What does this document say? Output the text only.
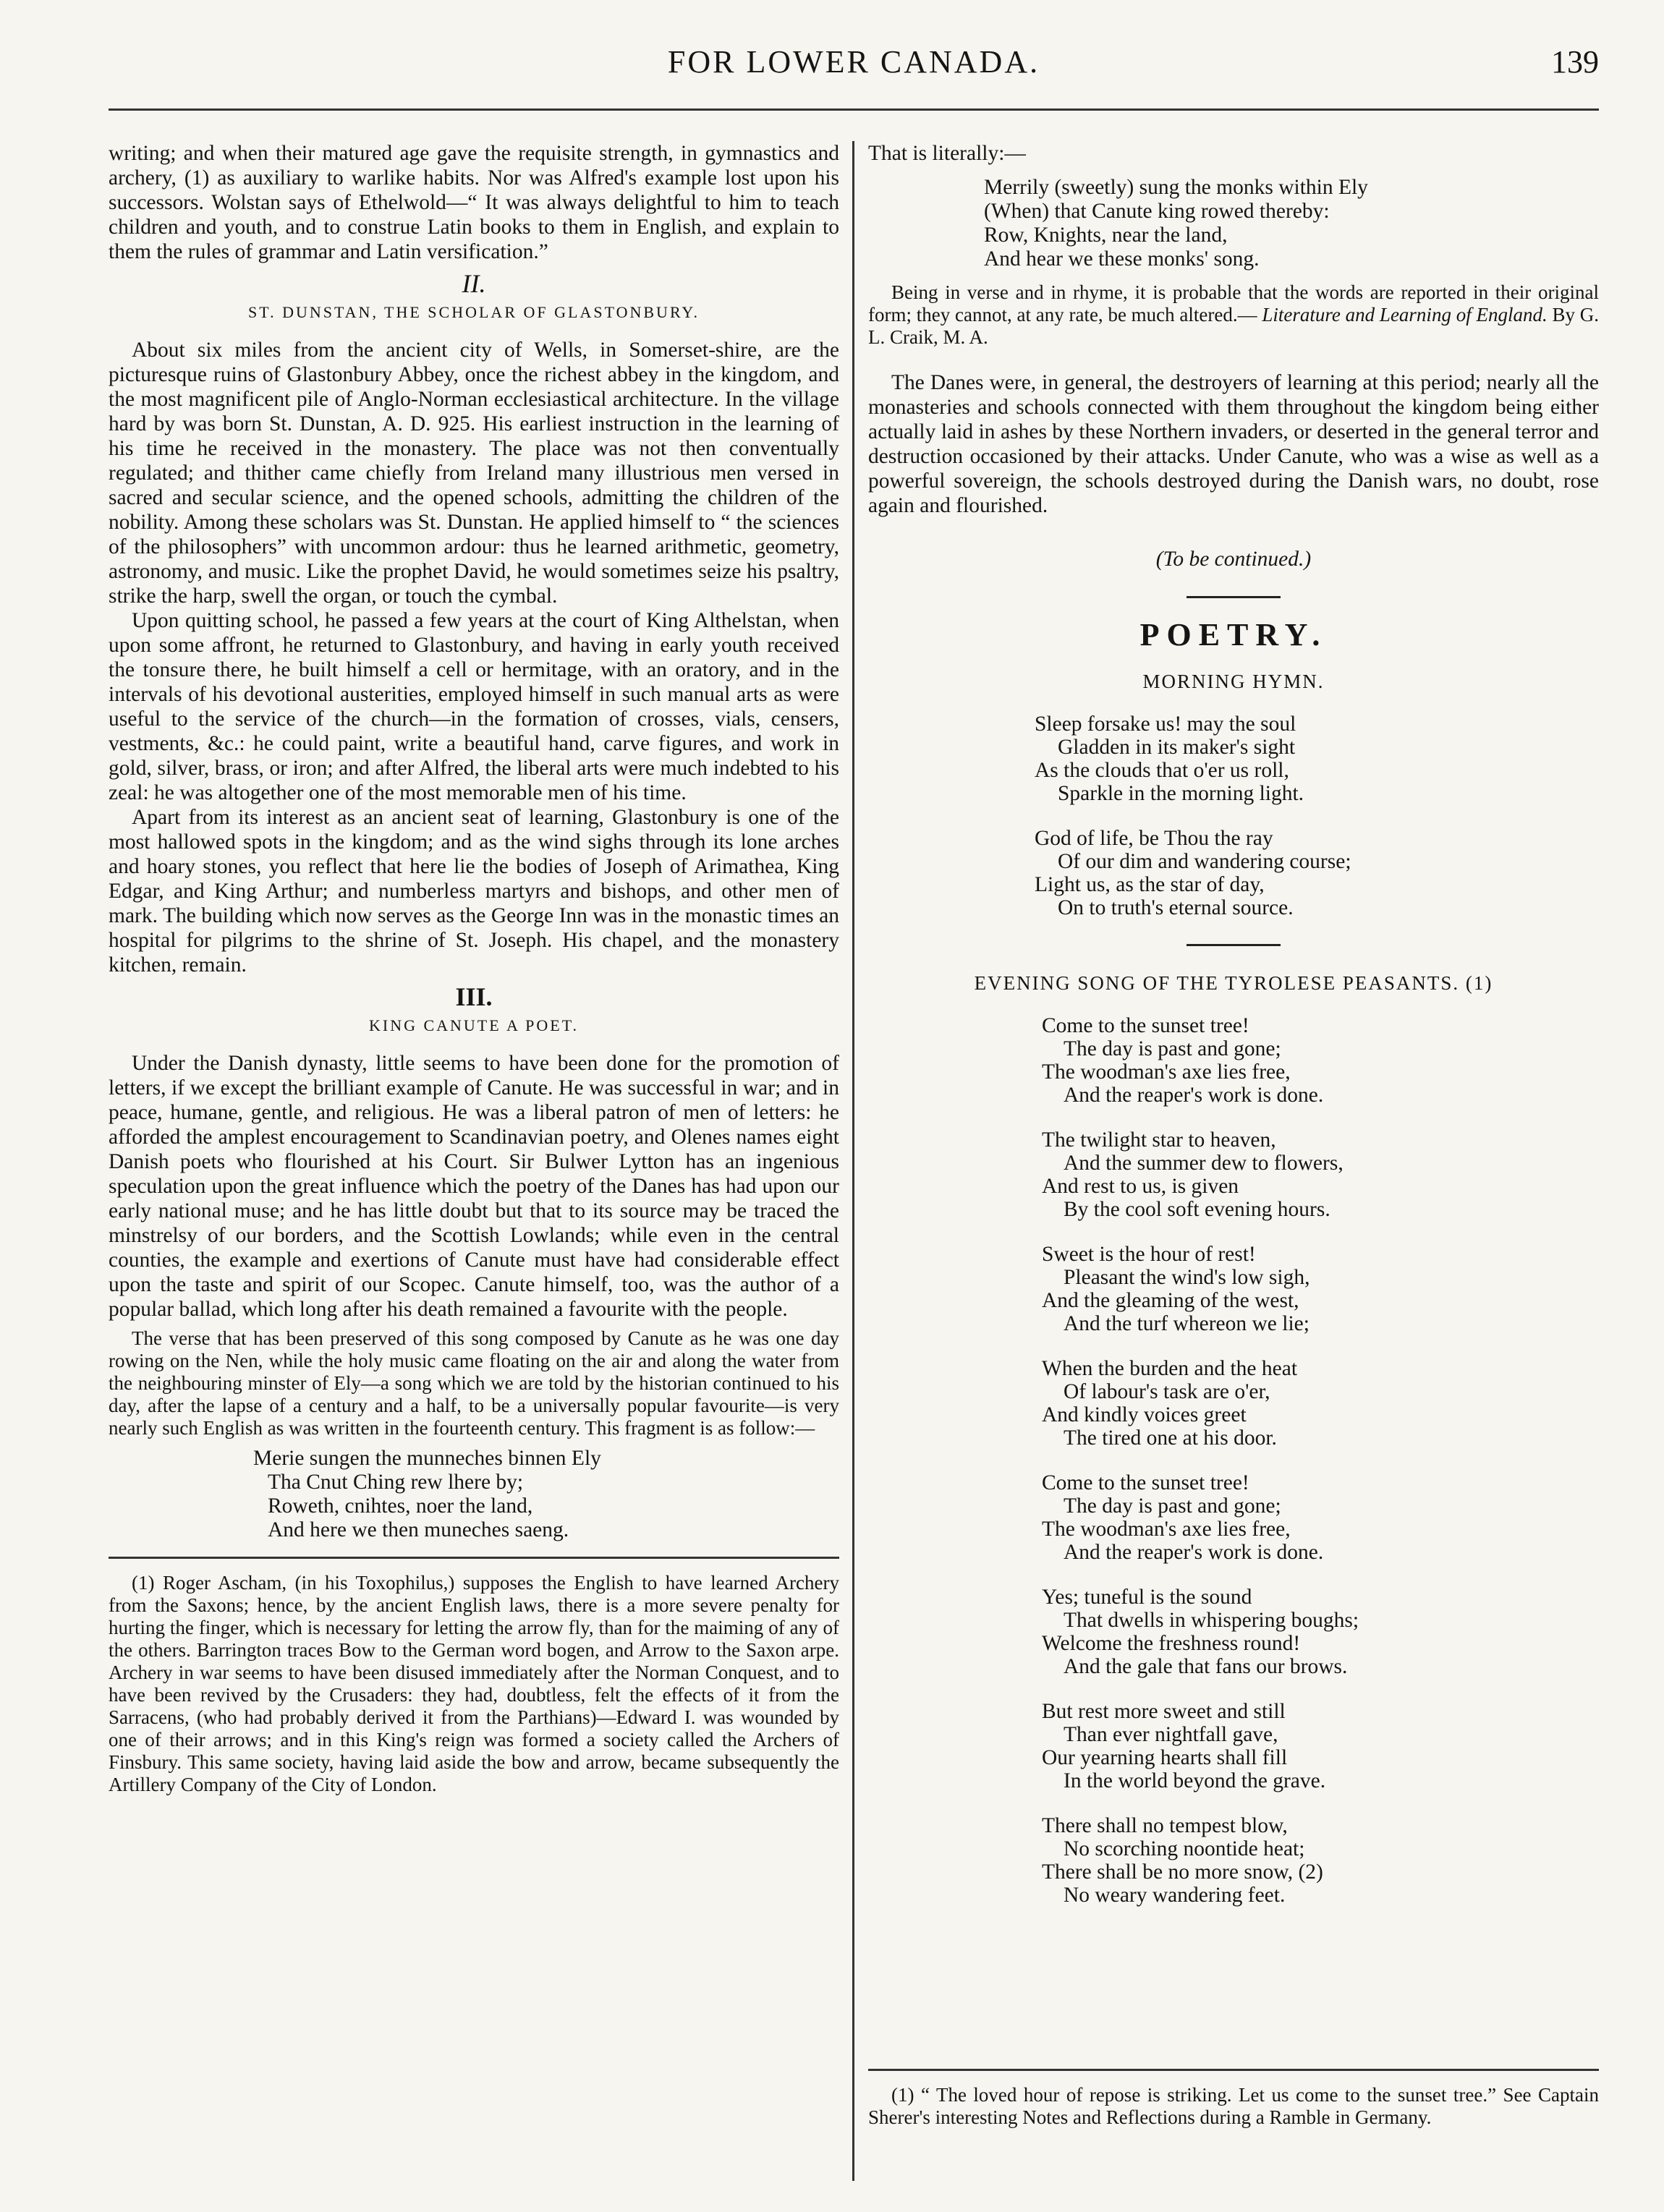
FOR LOWER CANADA.	139

writing; and when their matured age gave the requisite strength, in gymnastics and archery, (1) as auxiliary to warlike habits. Nor was Alfred's example lost upon his successors. Wolstan says of Ethelwold—“ It was always delightful to him to teach children and youth, and to construe Latin books to them in English, and explain to them the rules of grammar and Latin versification.”

II.
ST. DUNSTAN, THE SCHOLAR OF GLASTONBURY.

About six miles from the ancient city of Wells, in Somerset-shire, are the picturesque ruins of Glastonbury Abbey, once the richest abbey in the kingdom, and the most magnificent pile of Anglo-Norman ecclesiastical architecture. In the village hard by was born St. Dunstan, A. D. 925. His earliest instruction in the learning of his time he received in the monastery. The place was not then conventually regulated; and thither came chiefly from Ireland many illustrious men versed in sacred and secular science, and the opened schools, admitting the children of the nobility. Among these scholars was St. Dunstan. He applied himself to “ the sciences of the philosophers” with uncommon ardour: thus he learned arithmetic, geometry, astronomy, and music. Like the prophet David, he would sometimes seize his psaltry, strike the harp, swell the organ, or touch the cymbal.

Upon quitting school, he passed a few years at the court of King Althelstan, when upon some affront, he returned to Glastonbury, and having in early youth received the tonsure there, he built himself a cell or hermitage, with an oratory, and in the intervals of his devotional austerities, employed himself in such manual arts as were useful to the service of the church—in the formation of crosses, vials, censers, vestments, &c.: he could paint, write a beautiful hand, carve figures, and work in gold, silver, brass, or iron; and after Alfred, the liberal arts were much indebted to his zeal: he was altogether one of the most memorable men of his time.

Apart from its interest as an ancient seat of learning, Glastonbury is one of the most hallowed spots in the kingdom; and as the wind sighs through its lone arches and hoary stones, you reflect that here lie the bodies of Joseph of Arimathea, King Edgar, and King Arthur; and numberless martyrs and bishops, and other men of mark. The building which now serves as the George Inn was in the monastic times an hospital for pilgrims to the shrine of St. Joseph. His chapel, and the monastery kitchen, remain.

III.
KING CANUTE A POET.

Under the Danish dynasty, little seems to have been done for the promotion of letters, if we except the brilliant example of Canute. He was successful in war; and in peace, humane, gentle, and religious. He was a liberal patron of men of letters: he afforded the amplest encouragement to Scandinavian poetry, and Olenes names eight Danish poets who flourished at his Court. Sir Bulwer Lytton has an ingenious speculation upon the great influence which the poetry of the Danes has had upon our early national muse; and he has little doubt but that to its source may be traced the minstrelsy of our borders, and the Scottish Lowlands; while even in the central counties, the example and exertions of Canute must have had considerable effect upon the taste and spirit of our Scopec. Canute himself, too, was the author of a popular ballad, which long after his death remained a favourite with the people.

The verse that has been preserved of this song composed by Canute as he was one day rowing on the Nen, while the holy music came floating on the air and along the water from the neighbouring minster of Ely—a song which we are told by the historian continued to his day, after the lapse of a century and a half, to be a universally popular favourite—is very nearly such English as was written in the fourteenth century. This fragment is as follow:—

Merie sungen the munneches binnen Ely
Tha Cnut Ching rew lhere by;
Roweth, cnihtes, noer the land,
And here we then muneches saeng.

(1) Roger Ascham, (in his Toxophilus,) supposes the English to have learned Archery from the Saxons; hence, by the ancient English laws, there is a more severe penalty for hurting the finger, which is necessary for letting the arrow fly, than for the maiming of any of the others. Barrington traces Bow to the German word bogen, and Arrow to the Saxon arpe. Archery in war seems to have been disused immediately after the Norman Conquest, and to have been revived by the Crusaders: they had, doubtless, felt the effects of it from the Sarracens, (who had probably derived it from the Parthians)—Edward I. was wounded by one of their arrows; and in this King's reign was formed a society called the Archers of Finsbury. This same society, having laid aside the bow and arrow, became subsequently the Artillery Company of the City of London.

That is literally:—

Merrily (sweetly) sung the monks within Ely
(When) that Canute king rowed thereby:
Row, Knights, near the land,
And hear we these monks' song.

Being in verse and in rhyme, it is probable that the words are reported in their original form; they cannot, at any rate, be much altered.— Literature and Learning of England. By G. L. Craik, M. A.

The Danes were, in general, the destroyers of learning at this period; nearly all the monasteries and schools connected with them throughout the kingdom being either actually laid in ashes by these Northern invaders, or deserted in the general terror and destruction occasioned by their attacks. Under Canute, who was a wise as well as a powerful sovereign, the schools destroyed during the Danish wars, no doubt, rose again and flourished.

(To be continued.)
POETRY.
MORNING HYMN.
Sleep forsake us! may the soul
Gladden in its maker's sight
As the clouds that o'er us roll,
Sparkle in the morning light.
God of life, be Thou the ray
Of our dim and wandering course;
Light us, as the star of day,
On to truth's eternal source.
EVENING SONG OF THE TYROLESE PEASANTS. (1)
Come to the sunset tree!
The day is past and gone;
The woodman's axe lies free,
And the reaper's work is done.
The twilight star to heaven,
And the summer dew to flowers,
And rest to us, is given
By the cool soft evening hours.
Sweet is the hour of rest!
Pleasant the wind's low sigh,
And the gleaming of the west,
And the turf whereon we lie;
When the burden and the heat
Of labour's task are o'er,
And kindly voices greet
The tired one at his door.
Come to the sunset tree!
The day is past and gone;
The woodman's axe lies free,
And the reaper's work is done.
Yes; tuneful is the sound
That dwells in whispering boughs;
Welcome the freshness round!
And the gale that fans our brows.
But rest more sweet and still
Than ever nightfall gave,
Our yearning hearts shall fill
In the world beyond the grave.
There shall no tempest blow,
No scorching noontide heat;
There shall be no more snow, (2)
No weary wandering feet.

(1) “ The loved hour of repose is striking. Let us come to the sunset tree.” See Captain Sherer's interesting Notes and Reflections during a Ramble in Germany.
